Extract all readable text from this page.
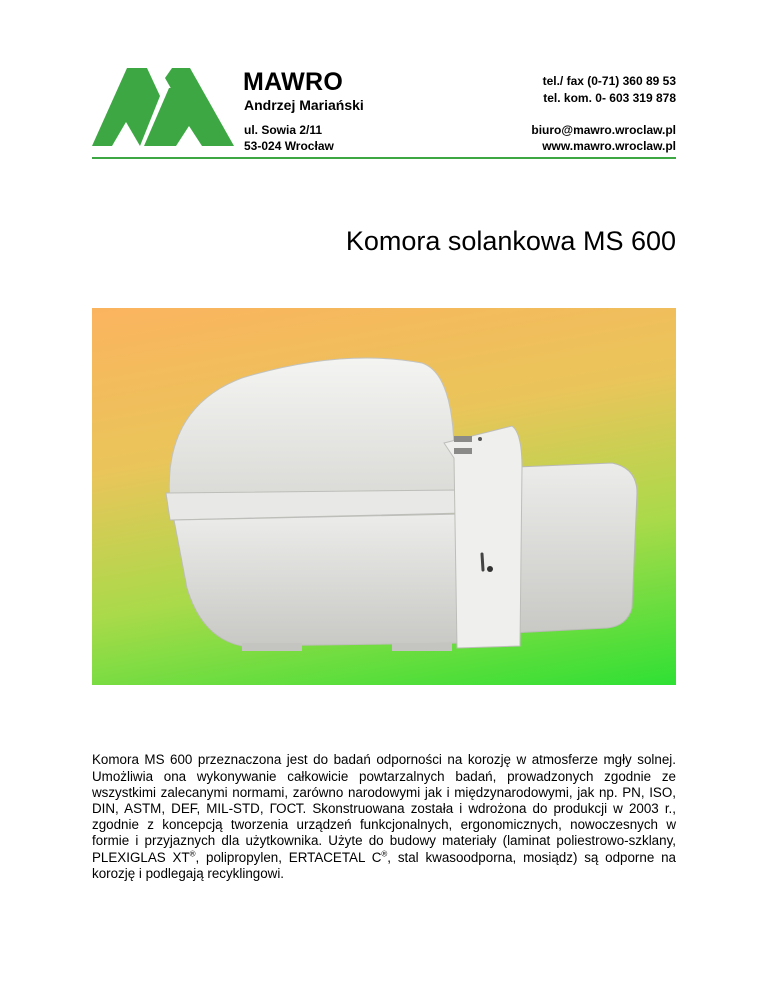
MAWRO
Andrzej Mariański
ul. Sowia 2/11
53-024 Wrocław
tel./ fax (0-71) 360 89 53
tel. kom. 0- 603 319 878
biuro@mawro.wroclaw.pl
www.mawro.wroclaw.pl
Komora solankowa MS 600

Komora MS 600 przeznaczona jest do badań odporności na korozję w atmosferze mgły solnej. Umożliwia ona wykonywanie całkowicie powtarzalnych badań, prowadzonych zgodnie ze wszystkimi zalecanymi normami, zarówno narodowymi jak i międzynarodowymi, jak np. PN, ISO, DIN, ASTM, DEF, MIL-STD, ГОСТ. Skonstruowana została i wdrożona do produkcji w 2003 r., zgodnie z koncepcją tworzenia urządzeń funkcjonalnych, ergonomicznych, nowoczesnych w formie i przyjaznych dla użytkownika. Użyte do budowy materiały (laminat poliestrowo-szklany, PLEXIGLAS XT®, polipropylen, ERTACETAL C®, stal kwasoodporna, mosiądz) są odporne na korozję i podlegają recyklingowi.
